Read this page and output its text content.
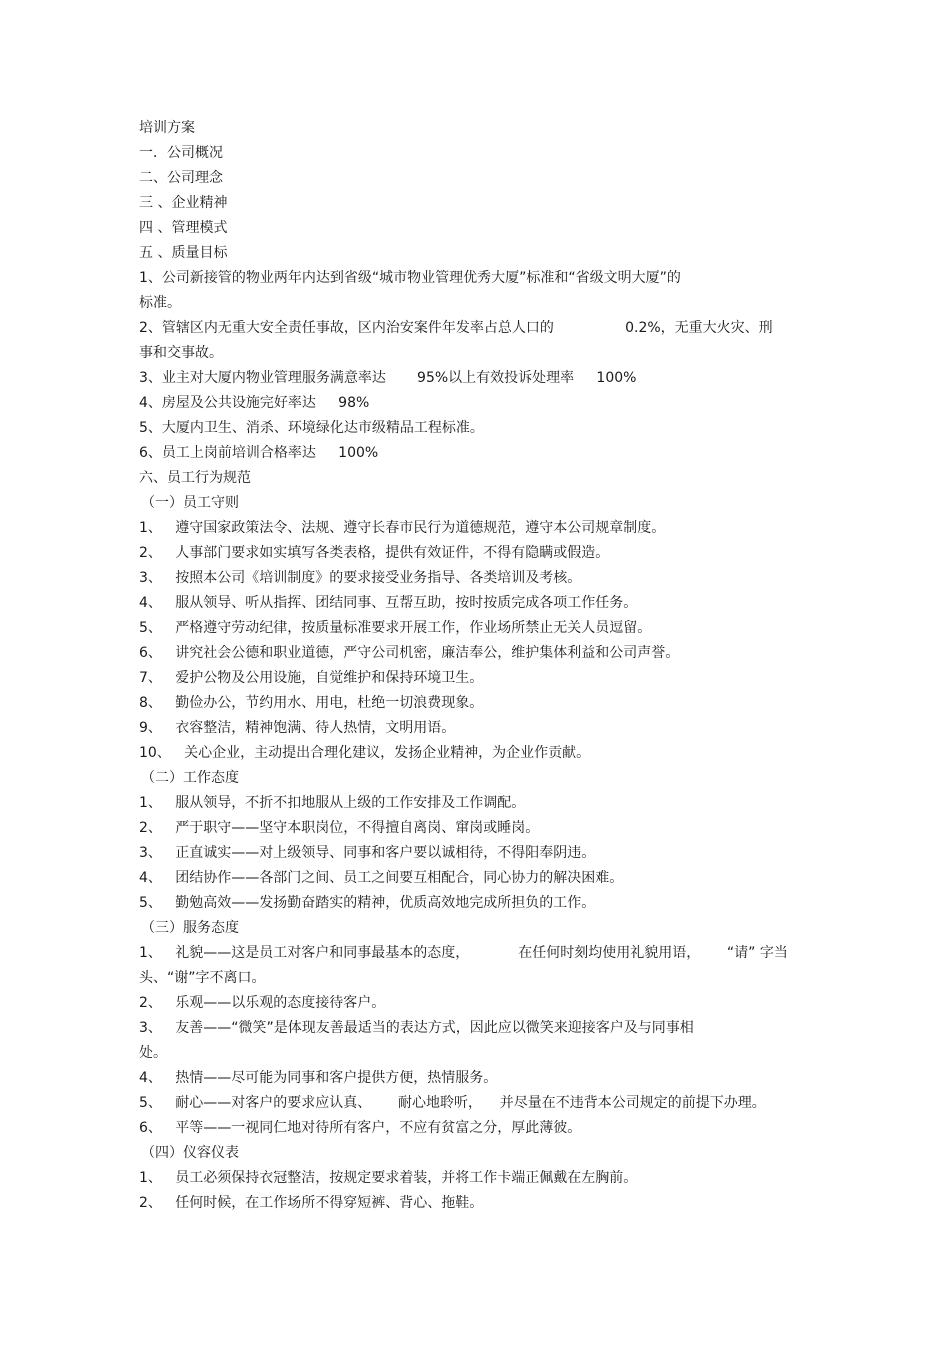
培训方案
一．公司概况
二、公司理念
三 、企业精神
四 、管理模式
五 、质量目标
1、公司新接管的物业两年内达到省级“城市物业管理优秀大厦”标准和“省级文明大厦”的
标准。
2、管辖区内无重大安全责任事故，区内治安案件年发率占总人口的                0.2%，无重大火灾、刑
事和交事故。
3、业主对大厦内物业管理服务满意率达       95%以上有效投诉处理率     100%
4、房屋及公共设施完好率达     98%
5、大厦内卫生、消杀、环境绿化达市级精品工程标准。
6、员工上岗前培训合格率达     100%
六、员工行为规范
（一）员工守则
1、   遵守国家政策法令、法规、遵守长春市民行为道德规范，遵守本公司规章制度。
2、   人事部门要求如实填写各类表格，提供有效证件，不得有隐瞒或假造。
3、   按照本公司《培训制度》的要求接受业务指导、各类培训及考核。
4、   服从领导、听从指挥、团结同事、互帮互助，按时按质完成各项工作任务。
5、   严格遵守劳动纪律，按质量标准要求开展工作，作业场所禁止无关人员逗留。
6、   讲究社会公德和职业道德，严守公司机密，廉洁奉公，维护集体利益和公司声誉。
7、   爱护公物及公用设施，自觉维护和保持环境卫生。
8、   勤俭办公，节约用水、用电，杜绝一切浪费现象。
9、   衣容整洁，精神饱满、待人热情，文明用语。
10、   关心企业，主动提出合理化建议，发扬企业精神，为企业作贡献。
（二）工作态度
1、   服从领导，不折不扣地服从上级的工作安排及工作调配。
2、   严于职守——坚守本职岗位，不得擅自离岗、窜岗或睡岗。
3、   正直诚实——对上级领导、同事和客户要以诚相待，不得阳奉阴违。
4、   团结协作——各部门之间、员工之间要互相配合，同心协力的解决困难。
5、   勤勉高效——发扬勤奋踏实的精神，优质高效地完成所担负的工作。
（三）服务态度
1、   礼貌——这是员工对客户和同事最基本的态度，           在任何时刻均使用礼貌用语，      “请” 字当
头、“谢”字不离口。
2、   乐观——以乐观的态度接待客户。
3、   友善——“微笑”是体现友善最适当的表达方式，因此应以微笑来迎接客户及与同事相
处。
4、   热情——尽可能为同事和客户提供方便，热情服务。
5、   耐心——对客户的要求应认真、      耐心地聆听，    并尽量在不违背本公司规定的前提下办理。
6、   平等——一视同仁地对待所有客户，不应有贫富之分，厚此薄彼。
（四）仪容仪表
1、   员工必须保持衣冠整洁，按规定要求着装，并将工作卡端正佩戴在左胸前。
2、   任何时候，在工作场所不得穿短裤、背心、拖鞋。
